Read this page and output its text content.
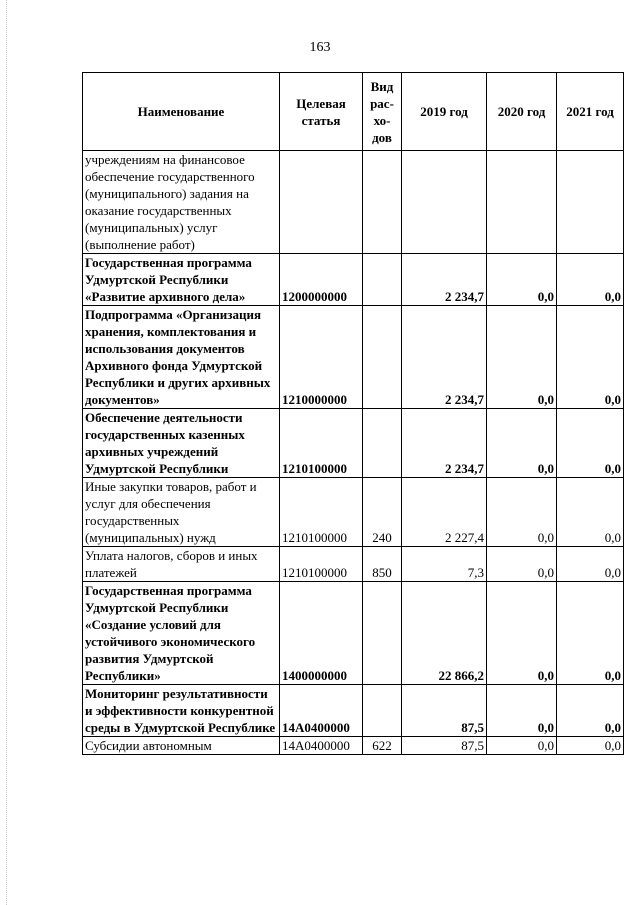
163
Наименование	Целевая статья	Вид рас-хо-дов	2019 год	2020 год	2021 год
учреждениям на финансовое обеспечение государственного (муниципального) задания на оказание государственных (муниципальных) услуг (выполнение работ)					
Государственная программа Удмуртской Республики «Развитие архивного дела»	1200000000		2 234,7	0,0	0,0
Подпрограмма «Организация хранения, комплектования и использования документов Архивного фонда Удмуртской Республики и других архивных документов»	1210000000		2 234,7	0,0	0,0
Обеспечение деятельности государственных казенных архивных учреждений Удмуртской Республики	1210100000		2 234,7	0,0	0,0
Иные закупки товаров, работ и услуг для обеспечения государственных (муниципальных) нужд	1210100000	240	2 227,4	0,0	0,0
Уплата налогов, сборов и иных платежей	1210100000	850	7,3	0,0	0,0
Государственная программа Удмуртской Республики «Создание условий для устойчивого экономического развития Удмуртской Республики»	1400000000		22 866,2	0,0	0,0
Мониторинг результативности и эффективности конкурентной среды в Удмуртской Республике	14А0400000		87,5	0,0	0,0
Субсидии автономным	14А0400000	622	87,5	0,0	0,0
